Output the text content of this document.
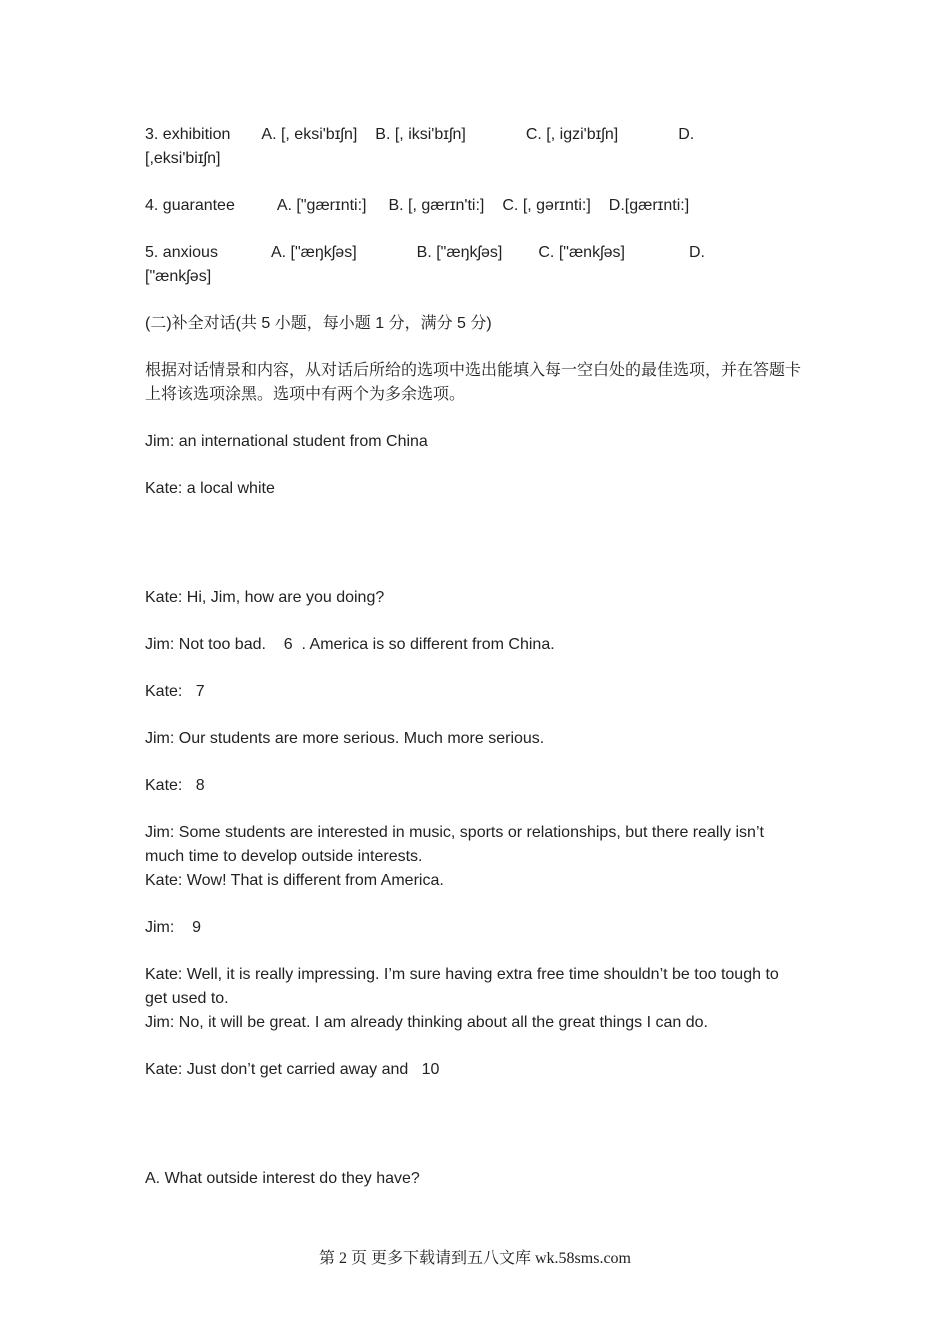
3. exhibition A. [, eksi'bɪʃn] B. [, iksi'bɪʃn]	C. [, igzi'bɪʃn]	D.
[,eksi'biɪʃn]
4. guarantee	A. ["gærɪnti:] B. [, gærɪn'ti:] C. [, gərɪnti:] D.[gærɪnti:]
5. anxious	A. ["æŋkʃəs]	B. ["æŋkʃəs] C. ["ænkʃəs]	D.
["ænkʃəs]
(二)补全对话(共 5 小题，每小题 1 分，满分 5 分)
根据对话情景和内容，从对话后所给的选项中选出能填入每一空白处的最佳选项，并在答题卡上将该选项涂黑。选项中有两个为多余选项。
Jim: an international student from China
Kate: a local white
Kate: Hi, Jim, how are you doing?
Jim: Not too bad.    6  . America is so different from China.
Kate:   7
Jim: Our students are more serious. Much more serious.
Kate:   8
Jim: Some students are interested in music, sports or relationships, but there really isn’t much time to develop outside interests.
Kate: Wow! That is different from America.
Jim:    9
Kate: Well, it is really impressing. I’m sure having extra free time shouldn’t be too tough to get used to.
Jim: No, it will be great. I am already thinking about all the great things I can do.
Kate: Just don’t get carried away and   10
A. What outside interest do they have?
第 2 页 更多下载请到五八文库 wk.58sms.com
